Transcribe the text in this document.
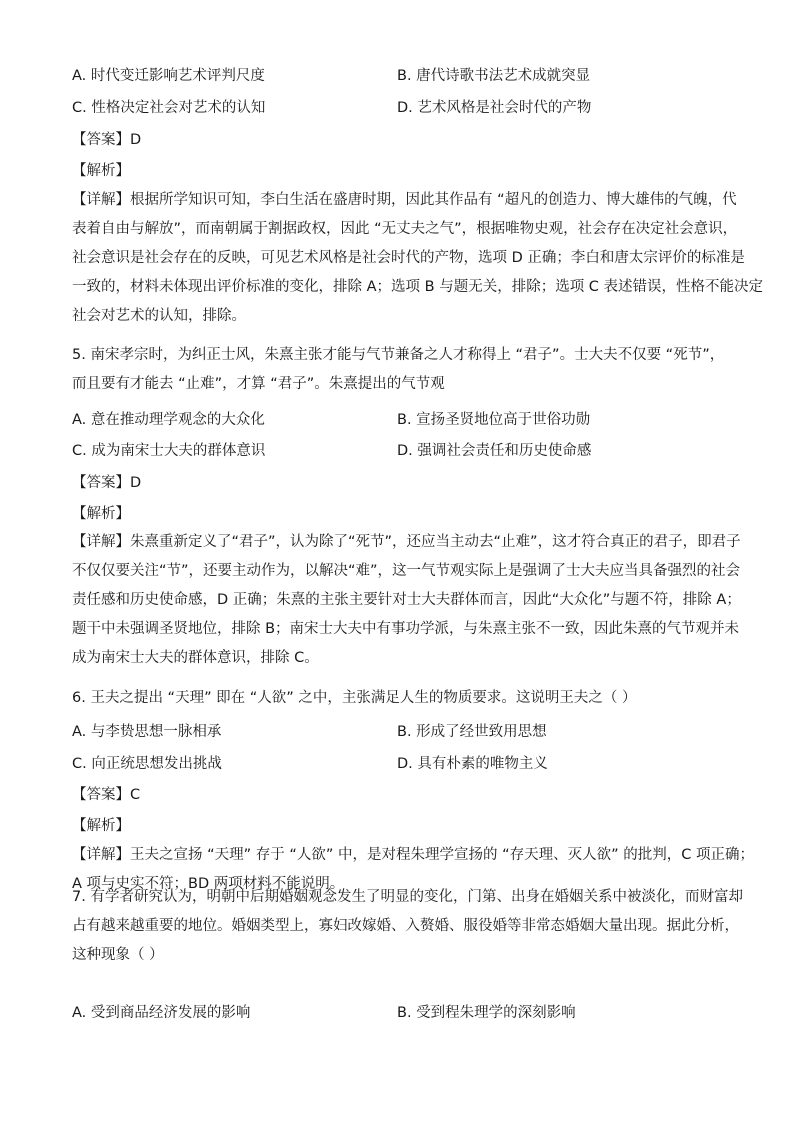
A. 时代变迁影响艺术评判尺度	B. 唐代诗歌书法艺术成就突显
C. 性格决定社会对艺术的认知	D. 艺术风格是社会时代的产物
【答案】D
【解析】

【详解】根据所学知识可知，李白生活在盛唐时期，因此其作品有 “超凡的创造力、博大雄伟的气魄，代

表着自由与解放”，而南朝属于割据政权，因此 “无丈夫之气”，根据唯物史观，社会存在决定社会意识，

社会意识是社会存在的反映，可见艺术风格是社会时代的产物，选项 D 正确；李白和唐太宗评价的标准是

一致的，材料未体现出评价标准的变化，排除 A；选项 B 与题无关，排除；选项 C 表述错误，性格不能决定

社会对艺术的认知，排除。

5. 南宋孝宗时，为纠正士风，朱熹主张才能与气节兼备之人才称得上 “君子”。士大夫不仅要 “死节”，

而且要有才能去 “止难”，才算 “君子”。朱熹提出的气节观

A. 意在推动理学观念的大众化	B. 宣扬圣贤地位高于世俗功勋
C. 成为南宋士大夫的群体意识	D. 强调社会责任和历史使命感
【答案】D
【解析】

【详解】朱熹重新定义了“君子”，认为除了“死节”，还应当主动去“止难”，这才符合真正的君子，即君子

不仅仅要关注“节”，还要主动作为，以解决“难”，这一气节观实际上是强调了士大夫应当具备强烈的社会

责任感和历史使命感，D 正确；朱熹的主张主要针对士大夫群体而言，因此“大众化”与题不符，排除 A；

题干中未强调圣贤地位，排除 B；南宋士大夫中有事功学派，与朱熹主张不一致，因此朱熹的气节观并未

成为南宋士大夫的群体意识，排除 C。

6. 王夫之提出 “天理” 即在 “人欲” 之中，主张满足人生的物质要求。这说明王夫之（ ）

A. 与李贽思想一脉相承	B. 形成了经世致用思想
C. 向正统思想发出挑战	D. 具有朴素的唯物主义
【答案】C
【解析】

【详解】王夫之宣扬 “天理” 存于 “人欲” 中，是对程朱理学宣扬的 “存天理、灭人欲” 的批判，C 项正确；

A 项与史实不符；BD 两项材料不能说明。

7. 有学者研究认为，明朝中后期婚姻观念发生了明显的变化，门第、出身在婚姻关系中被淡化，而财富却

占有越来越重要的地位。婚姻类型上，寡妇改嫁婚、入赘婚、服役婚等非常态婚姻大量出现。据此分析，

这种现象（ ）

A. 受到商品经济发展的影响	B. 受到程朱理学的深刻影响
